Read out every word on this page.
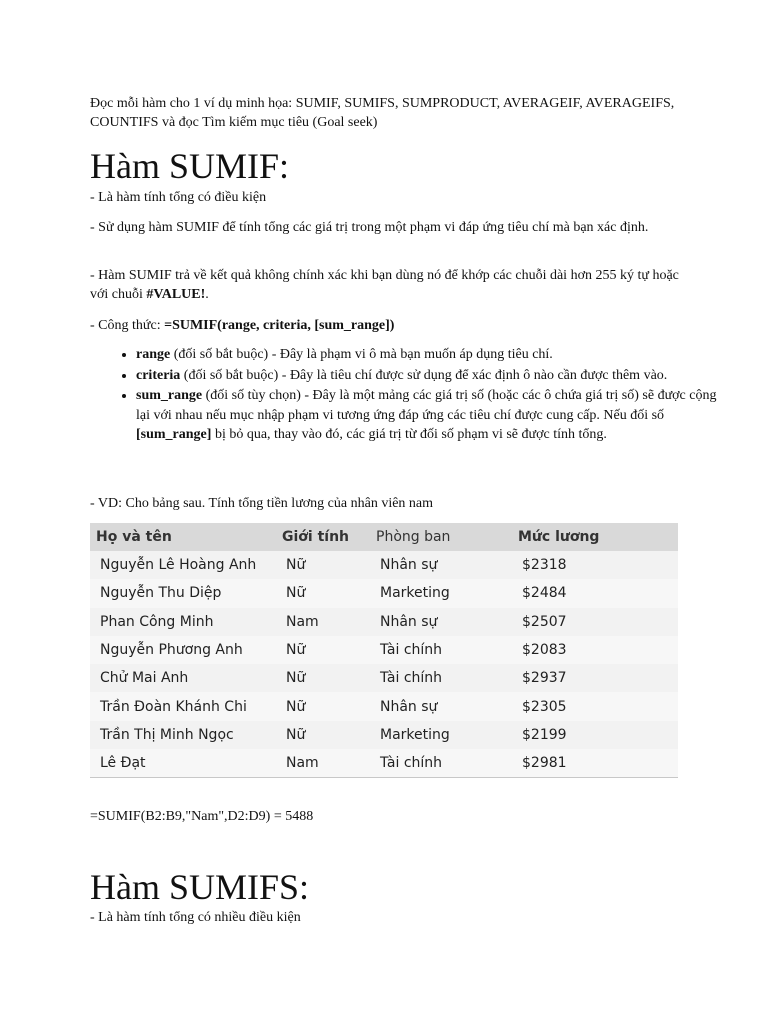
Đọc mỗi hàm cho 1 ví dụ minh họa: SUMIF, SUMIFS, SUMPRODUCT, AVERAGEIF, AVERAGEIFS, COUNTIFS và đọc Tìm kiếm mục tiêu (Goal seek)

Hàm SUMIF:

- Là hàm tính tổng có điều kiện

- Sử dụng hàm SUMIF để tính tổng các giá trị trong một phạm vi đáp ứng tiêu chí mà bạn xác định.

- Hàm SUMIF trả về kết quả không chính xác khi bạn dùng nó để khớp các chuỗi dài hơn 255 ký tự hoặc với chuỗi #VALUE!.

- Công thức: =SUMIF(range, criteria, [sum_range])

• range (đối số bắt buộc) - Đây là phạm vi ô mà bạn muốn áp dụng tiêu chí.
• criteria (đối số bắt buộc) - Đây là tiêu chí được sử dụng để xác định ô nào cần được thêm vào.
• sum_range (đối số tùy chọn) - Đây là một mảng các giá trị số (hoặc các ô chứa giá trị số) sẽ được cộng lại với nhau nếu mục nhập phạm vi tương ứng đáp ứng các tiêu chí được cung cấp. Nếu đối số [sum_range] bị bỏ qua, thay vào đó, các giá trị từ đối số phạm vi sẽ được tính tổng.

- VD: Cho bảng sau. Tính tổng tiền lương của nhân viên nam

Họ và tên	Giới tính	Phòng ban	Mức lương
Nguyễn Lê Hoàng Anh	Nữ	Nhân sự	$2318
Nguyễn Thu Diệp	Nữ	Marketing	$2484
Phan Công Minh	Nam	Nhân sự	$2507
Nguyễn Phương Anh	Nữ	Tài chính	$2083
Chử Mai Anh	Nữ	Tài chính	$2937
Trần Đoàn Khánh Chi	Nữ	Nhân sự	$2305
Trần Thị Minh Ngọc	Nữ	Marketing	$2199
Lê Đạt	Nam	Tài chính	$2981

=SUMIF(B2:B9,"Nam",D2:D9) = 5488

Hàm SUMIFS:

- Là hàm tính tổng có nhiều điều kiện
